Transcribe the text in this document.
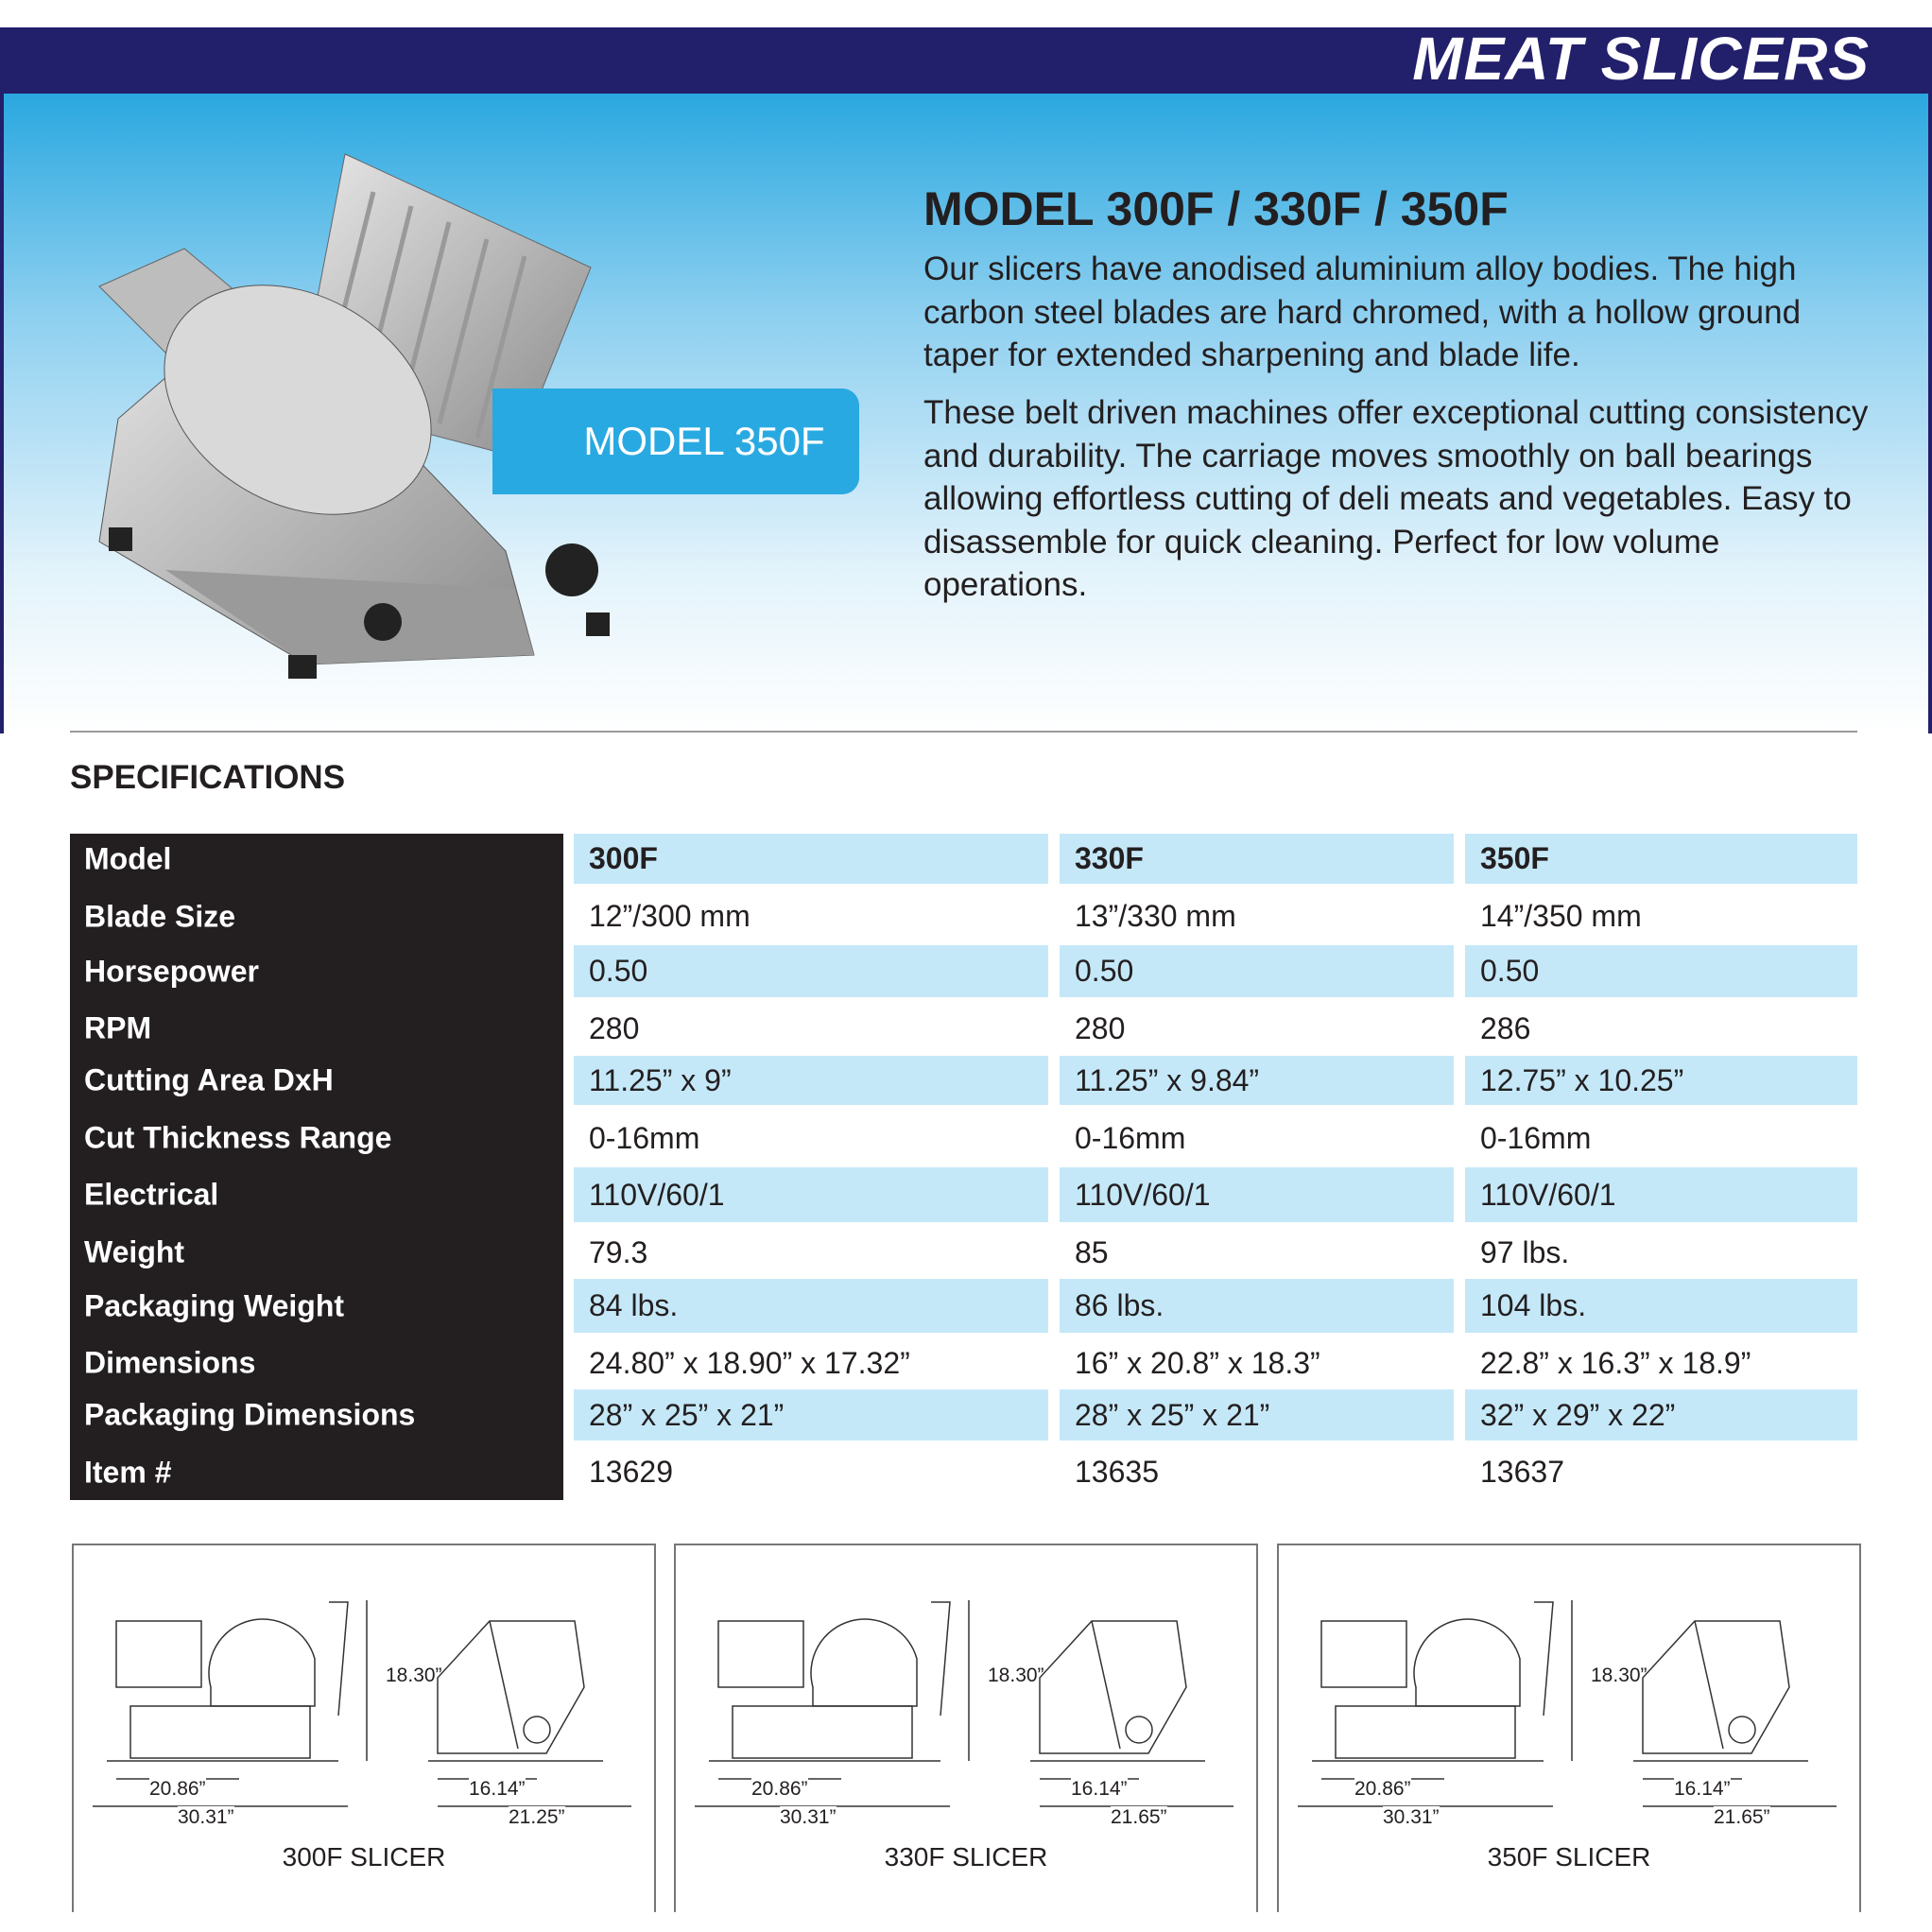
MEAT SLICERS
MODEL 350F
MODEL 300F / 330F / 350F
Our slicers have anodised aluminium alloy bodies. The high carbon steel blades are hard chromed, with a hollow ground taper for extended sharpening and blade life.
These belt driven machines offer exceptional cutting consistency and durability. The carriage moves smoothly on ball bearings allowing effortless cutting of deli meats and vegetables. Easy to disassemble for quick cleaning. Perfect for low volume operations.
SPECIFICATIONS
Model	300F	330F	350F
Blade Size	12”/300 mm	13”/330 mm	14”/350 mm
Horsepower	0.50	0.50	0.50
RPM	280	280	286
Cutting Area DxH	11.25” x 9”	11.25” x 9.84”	12.75” x 10.25”
Cut Thickness Range	0-16mm	0-16mm	0-16mm
Electrical	110V/60/1	110V/60/1	110V/60/1
Weight	79.3	85	97 lbs.
Packaging Weight	84 lbs.	86 lbs.	104 lbs.
Dimensions	24.80” x 18.90” x 17.32”	16” x 20.8” x 18.3”	22.8” x 16.3” x 18.9”
Packaging Dimensions	28” x 25” x 21”	28” x 25” x 21”	32” x 29” x 22”
Item #	13629	13635	13637
18.30”
20.86”
30.31”
16.14”
21.25”
300F SLICER
18.30”
20.86”
30.31”
16.14”
21.65”
330F SLICER
18.30”
20.86”
30.31”
16.14”
21.65”
350F SLICER
